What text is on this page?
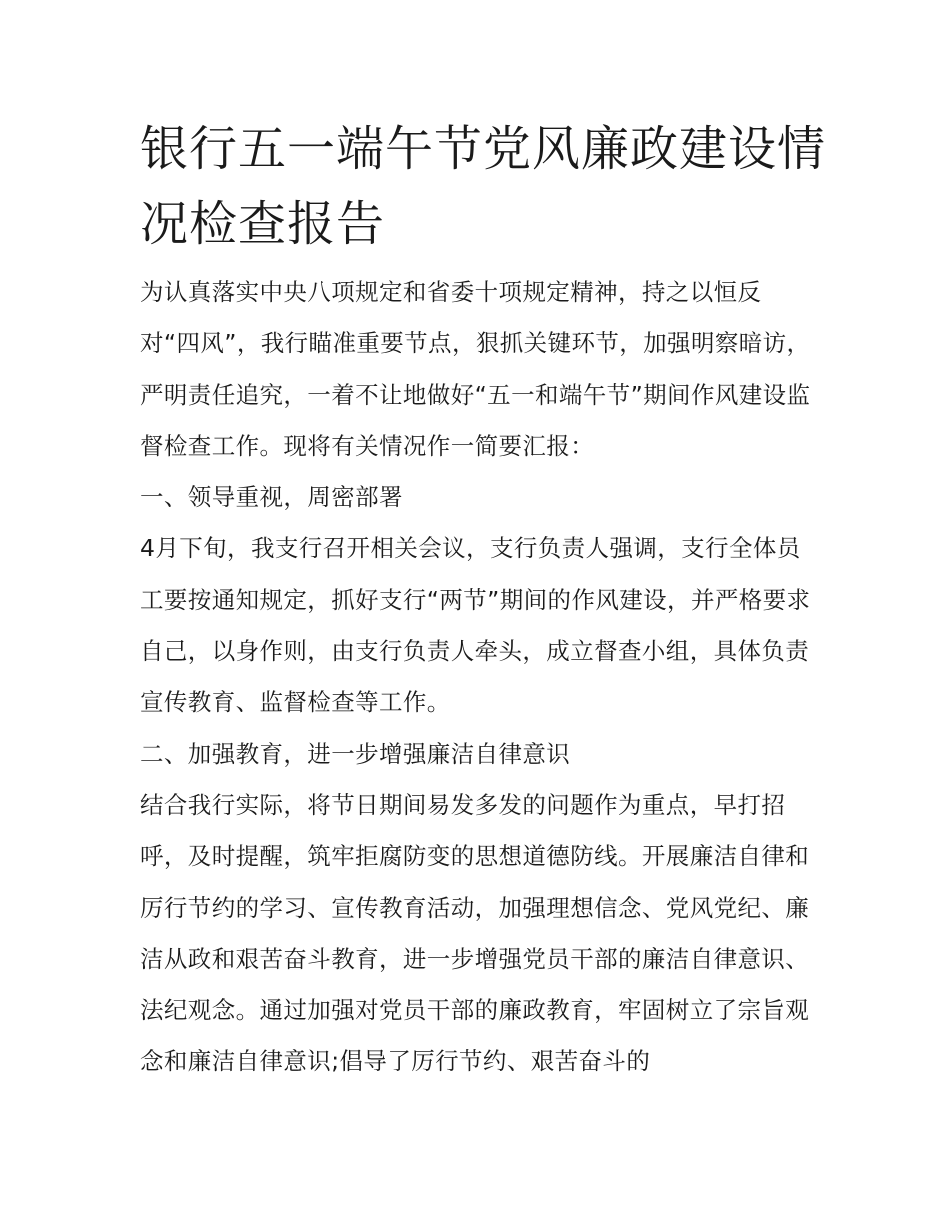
银行五一端午节党风廉政建设情况检查报告

为认真落实中央八项规定和省委十项规定精神，持之以恒反对“四风”，我行瞄准重要节点，狠抓关键环节，加强明察暗访，严明责任追究，一着不让地做好“五一和端午节”期间作风建设监督检查工作。现将有关情况作一简要汇报：

一、领导重视，周密部署

4月下旬，我支行召开相关会议，支行负责人强调，支行全体员工要按通知规定，抓好支行“两节”期间的作风建设，并严格要求自己，以身作则，由支行负责人牵头，成立督查小组，具体负责宣传教育、监督检查等工作。

二、加强教育，进一步增强廉洁自律意识

结合我行实际，将节日期间易发多发的问题作为重点，早打招呼，及时提醒，筑牢拒腐防变的思想道德防线。开展廉洁自律和厉行节约的学习、宣传教育活动，加强理想信念、党风党纪、廉洁从政和艰苦奋斗教育，进一步增强党员干部的廉洁自律意识、法纪观念。通过加强对党员干部的廉政教育，牢固树立了宗旨观念和廉洁自律意识;倡导了厉行节约、艰苦奋斗的
